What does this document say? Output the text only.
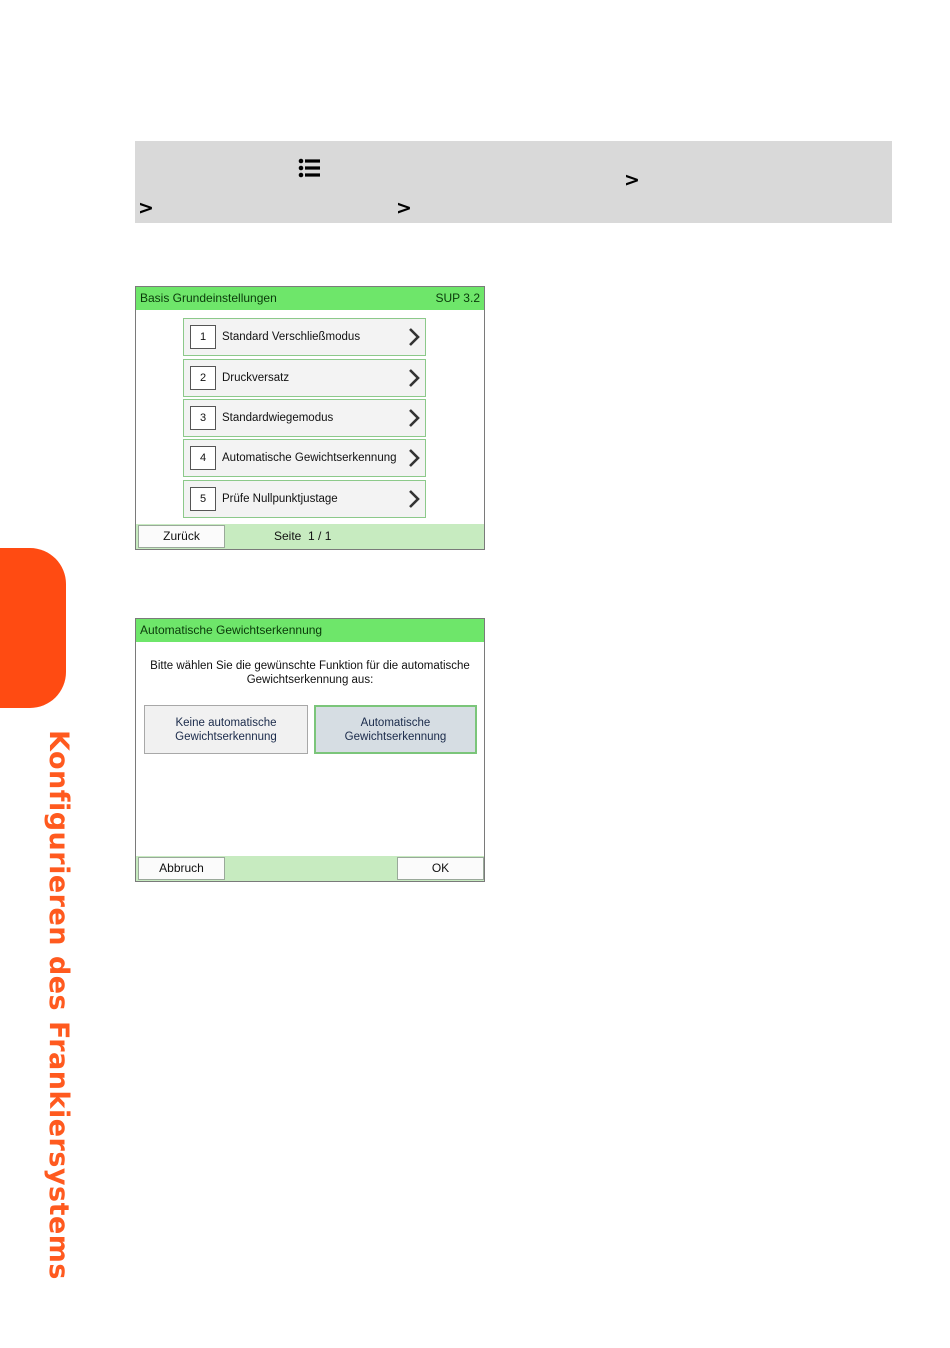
Konfigurieren des Frankiersystems
>
>	>
Basis Grundeinstellungen	SUP 3.2
1	Standard Verschließmodus
2	Druckversatz
3	Standardwiegemodus
4	Automatische Gewichtserkennung
5	Prüfe Nullpunktjustage
Zurück	Seite 1 / 1
Automatische Gewichtserkennung
Bitte wählen Sie die gewünschte Funktion für die automatische
Gewichtserkennung aus:
Keine automatische
Gewichtserkennung
Automatische
Gewichtserkennung
Abbruch	OK
